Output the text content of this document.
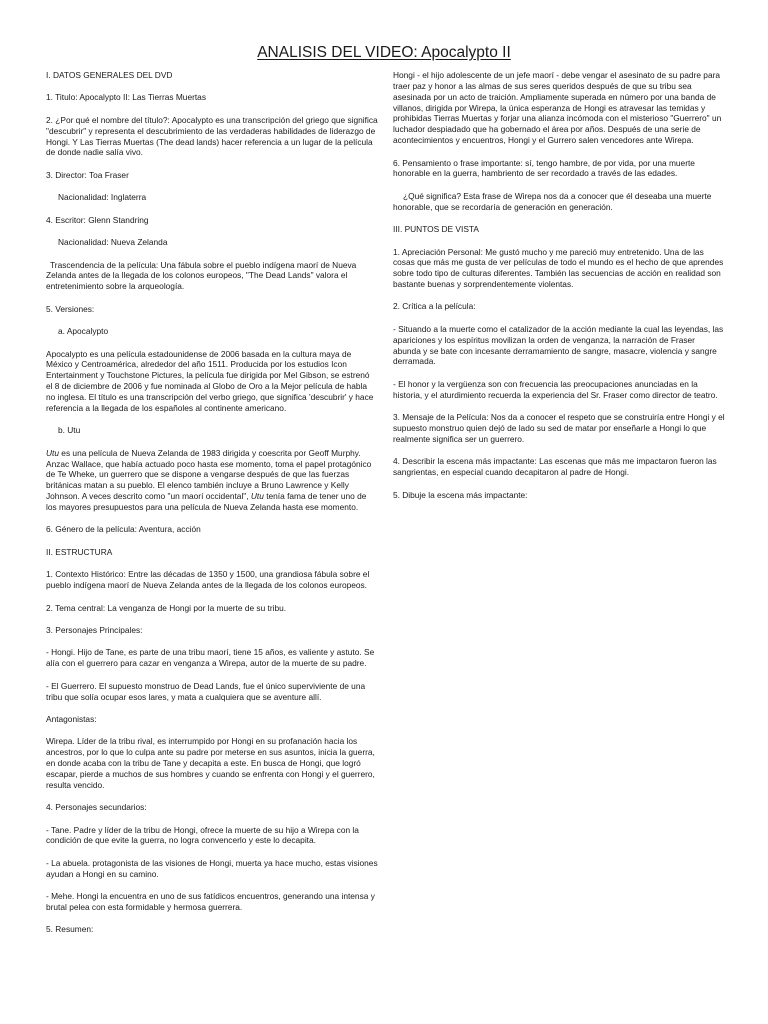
ANALISIS DEL VIDEO: Apocalypto II

I. DATOS GENERALES DEL DVD

1. Titulo: Apocalypto II: Las Tierras Muertas

2. ¿Por qué el nombre del título?: Apocalypto es una transcripción del griego que significa "descubrir" y representa el descubrimiento de las verdaderas habilidades de liderazgo de Hongi. Y Las Tierras Muertas (The dead lands) hacer referencia a un lugar de la película de donde nadie salía vivo.

3. Director: Toa Fraser

Nacionalidad: Inglaterra

4. Escritor: Glenn Standring

Nacionalidad: Nueva Zelanda

Trascendencia de la película: Una fábula sobre el pueblo indígena maorí de Nueva Zelanda antes de la llegada de los colonos europeos, "The Dead Lands" valora el entretenimiento sobre la arqueología.

5. Versiones:

a. Apocalypto

Apocalypto es una película estadounidense de 2006 basada en la cultura maya de México y Centroamérica, alrededor del año 1511. Producida por los estudios Icon Entertainment y Touchstone Pictures, la película fue dirigida por Mel Gibson, se estrenó el 8 de diciembre de 2006 y fue nominada al Globo de Oro a la Mejor película de habla no inglesa. El título es una transcripción del verbo griego, que significa 'descubrir' y hace referencia a la llegada de los españoles al continente americano.

b. Utu

Utu es una película de Nueva Zelanda de 1983 dirigida y coescrita por Geoff Murphy. Anzac Wallace, que había actuado poco hasta ese momento, toma el papel protagónico de Te Wheke, un guerrero que se dispone a vengarse después de que las fuerzas británicas matan a su pueblo. El elenco también incluye a Bruno Lawrence y Kelly Johnson. A veces descrito como "un maorí occidental", Utu tenía fama de tener uno de los mayores presupuestos para una película de Nueva Zelanda hasta ese momento.

6. Género de la película: Aventura, acción

II. ESTRUCTURA

1. Contexto Histórico: Entre las décadas de 1350 y 1500, una grandiosa fábula sobre el pueblo indígena maorí de Nueva Zelanda antes de la llegada de los colonos europeos.

2. Tema central: La venganza de Hongi por la muerte de su tribu.

3. Personajes Principales:

- Hongi. Hijo de Tane, es parte de una tribu maorí, tiene 15 años, es valiente y astuto. Se alía con el guerrero para cazar en venganza a Wirepa, autor de la muerte de su padre.

- El Guerrero. El supuesto monstruo de Dead Lands, fue el único superviviente de una tribu que solía ocupar esos lares, y mata a cualquiera que se aventure allí.

Antagonistas:

Wirepa. Líder de la tribu rival, es interrumpido por Hongi en su profanación hacia los ancestros, por lo que lo culpa ante su padre por meterse en sus asuntos, inicia la guerra, en donde acaba con la tribu de Tane y decapita a este. En busca de Hongi, que logró escapar, pierde a muchos de sus hombres y cuando se enfrenta con Hongi y el guerrero, resulta vencido.

4. Personajes secundarios:

- Tane. Padre y líder de la tribu de Hongi, ofrece la muerte de su hijo a Wirepa con la condición de que evite la guerra, no logra convencerlo y este lo decapita.

- La abuela. protagonista de las visiones de Hongi, muerta ya hace mucho, estas visiones ayudan a Hongi en su camino.

- Mehe. Hongi la encuentra en uno de sus fatídicos encuentros, generando una intensa y brutal pelea con esta formidable y hermosa guerrera.

5. Resumen:

Hongi - el hijo adolescente de un jefe maorí - debe vengar el asesinato de su padre para traer paz y honor a las almas de sus seres queridos después de que su tribu sea asesinada por un acto de traición. Ampliamente superada en número por una banda de villanos, dirigida por Wirepa, la única esperanza de Hongi es atravesar las temidas y prohibidas Tierras Muertas y forjar una alianza incómoda con el misterioso "Guerrero" un luchador despiadado que ha gobernado el área por años. Después de una serie de acontecimientos y encuentros, Hongi y el Gurrero salen vencedores ante Wirepa.

6. Pensamiento o frase importante: sí, tengo hambre, de por vida, por una muerte honorable en la guerra, hambriento de ser recordado a través de las edades.

¿Qué significa? Esta frase de Wirepa nos da a conocer que él deseaba una muerte honorable, que se recordaría de generación en generación.

III. PUNTOS DE VISTA

1. Apreciación Personal: Me gustó mucho y me pareció muy entretenido. Una de las cosas que más me gusta de ver películas de todo el mundo es el hecho de que aprendes sobre todo tipo de culturas diferentes. También las secuencias de acción en realidad son bastante buenas y sorprendentemente violentas.

2. Crítica a la película:

- Situando a la muerte como el catalizador de la acción mediante la cual las leyendas, las apariciones y los espíritus movilizan la orden de venganza, la narración de Fraser abunda y se bate con incesante derramamiento de sangre, masacre, violencia y sangre derramada.

- El honor y la vergüenza son con frecuencia las preocupaciones anunciadas en la historia, y el aturdimiento recuerda la experiencia del Sr. Fraser como director de teatro.

3. Mensaje de la Película: Nos da a conocer el respeto que se construiría entre Hongi y el supuesto monstruo quien dejó de lado su sed de matar por enseñarle a Hongi lo que realmente significa ser un guerrero.

4. Describir la escena más impactante: Las escenas que más me impactaron fueron las sangrientas, en especial cuando decapitaron al padre de Hongi.

5. Dibuje la escena más impactante:
